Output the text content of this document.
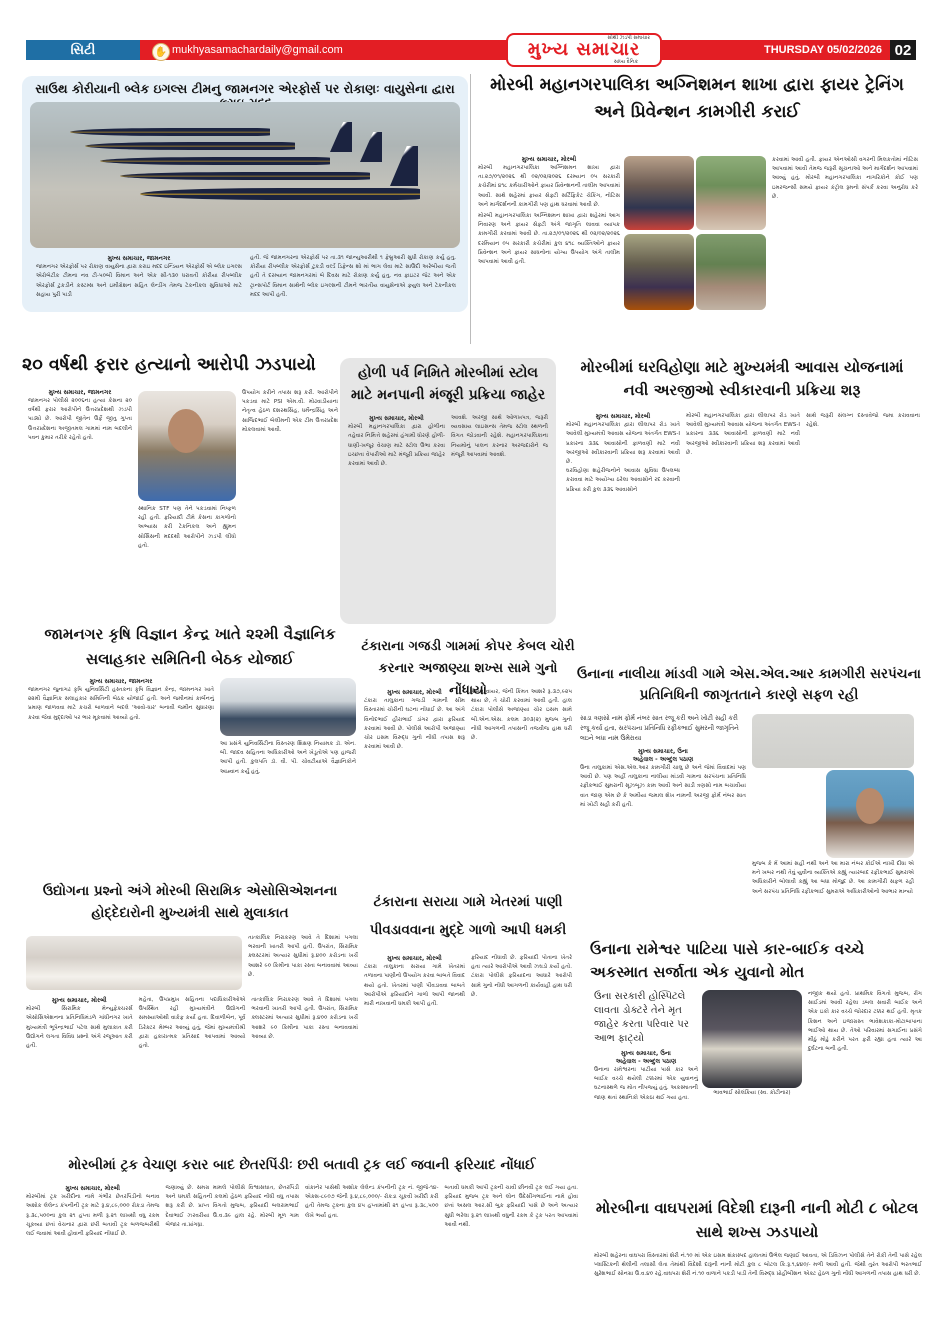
સિટી	✋ mukhyasamachardaily@gmail.com
સૌથી ઝડપી સમાચાર
મુખ્ય સમાચાર
સાંધ્ય દૈનિક
THURSDAY 05/02/2026 02
સાઉથ કોરીયાની બ્લેક ઇગલ્સ ટીમનુ જામનગર એરફોર્સ પર રોકાણઃ વાયુસેના દ્વારા
મુખ્ય સમાચાર, જામનગર
જામનગર એરફોર્સ પર રોકાણ વાયુસેના દ્વારા કરાઇ મદદ ઇન્ડિયન એરફોર્સે એ બ્લેક ઇગલ્સ એરોબેટીક ટીમના નવ ટી-૫૦બી વિમાન અને એક સી-૧૩૦ ધરાવતી કોરીયા રીપબ્લીક એરફોર્સ ટુકડીને કસ્ટમ્સ અને ઇમીગ્રેશન સહિત લેન્ડીંગ તેમજ ટેકનીકલ સુવિધાઓ માટે સહાય પુરી પાડી
હતી. જે જામનગરના એરફોર્સ પર તા.૩૧ જાન્યુઆરીથી ૧ ફેબ્રુઆરી સુધી રોકાણ કર્યુ હતુ. કોરીયા રીપબ્લીક એરફોર્સ ટુકડી વર્લ્ડ ડિફેન્સ શો માં ભાગ લેવા માટે સાઉદી અરેબીયા જતી હતી તે દરમ્યાન જામનગરમાં બે દિવસ માટે રોકાણ કર્યુ હતુ. નવ ફાઇટર જેટ અને એક ટ્રાન્સપોર્ટ વિમાન સાથેની બ્લેક ઇગલ્સની ટીમને ભારતીય વાયુસેનાએ ફ્યુલ અને ટેકનીકલ મદદ આપી હતી.
મોરબી મહાનગરપાલિકા અગ્નિશમન શાખા દ્વારા ફાયર ટ્રેનિંગ અને પ્રિવેન્શન કામગીરી કરાઈ
મુખ્ય સમાચાર, મોરબી
મોરબી મહાનગરપાલિકા અગ્નિશમન શાખા દ્વારા તા.૨૭/૦૧/૨૦૨૬ થી ૦૨/૦૨/૨૦૨૬ દરમ્યાન ૦૫ સરકારી કચેરીમાં ૪૧૮ કર્મચારીઓને ફાયર પ્રિવેન્શનની તાલીમ આપવામાં આવી. સાથે શહેરમાં ફાયર સેફ્ટી સર્ટિફિકેટ ચેકિંગ, નોટિસ અને માર્ગદર્શનની કામગીરી પણ હાથ ધરવામાં આવી છે.
મોરબી મહાનગરપાલિકા અગ્નિશમન શાખા દ્વારા શહેરમાં આગ નિવારણ અને ફાયર સેફ્ટી અંગે જાગૃતિ લાવવા વ્યાપક કામગીરી કરવામાં આવી છે. તા.૨૭/૦૧/૨૦૨૬ થી ૦૨/૦૨/૨૦૨૬ દરમિયાન ૦૫ સરકારી કચેરીમાં કુલ ૪૧૮ વ્યક્તિઓને ફાયર પ્રિવેન્શન અને ફાયર સાધનોના યોગ્ય ઉપયોગ અંગે તાલીમ આપવામાં આવી હતી.
કરવામાં આવી હતી. ફાયર એનઓસી વગરની મિલકતોમાં નોટિસ આપવામાં આવી તેમજ જરૂરી સૂચનાઓ અને માર્ગદર્શન આપવામાં આવ્યું હતું. મોરબી મહાનગરપાલિકા નાગરિકોને કોઈ પણ ઇમરજન્સી સમયે ફાયર કંટ્રોલ રૂમનો સંપર્ક કરવા અનુરોધ કરે છે.
૨૦ વર્ષથી ફરાર હત્યાનો આરોપી ઝડપાયો
મુખ્ય સમાચાર, જામનગર
જામનગર પોલીસે ૨૦૦૬ના હત્યા કેસના ૨૦ વર્ષથી ફરાર આરોપીને ઉત્તરપ્રદેશથી ઝડપી પાડ્યો છે. આરોપી જીતેન ઉર્ફે જીતુ ગુપ્તા ઉત્તરપ્રદેશના અજીતમલ ગામમાં નામ બદલીને પવન કુમાર તરીકે રહેતો હતો.
ઉપયોગ કરીને તપાસ શરૂ કરી. આરોપીને પકડવા માટે PSI એમ.વી. મોઢવાડીયાના નેતૃત્વ હેઠળ દશરથસિંહ, ધર્મેન્દ્રસિંહ અને સાજિદભાઈ બેલીમની એક ટીમ ઉત્તરપ્રદેશ મોકલવામાં આવી.
સ્થાનિક STF પણ તેને પકડવામાં નિષ્ફળ રહી હતી. ફરિયાદી ટીમે કેસના કાગળોનો અભ્યાસ કરી ટેકનિકલ અને હ્યુમન સોર્સિસની મદદથી આરોપીને ઝડપી લીધો હતો.
હોળી પર્વ નિમિતે મોરબીમાં સ્ટોલ માટે મનપાની મંજૂરી પ્રક્રિયા જાહેર
મુખ્ય સમાચાર, મોરબી
મોરબી મહાનગરપાલિકા દ્વારા હોળીના તહેવાર નિમિત્તે શહેરમાં હંગામી ધોરણે હોળી-ધાણી-ખજૂર વેચાણ માટે સ્ટોલ ઉભા કરવા ઇચ્છતા વેપારીઓ માટે મંજૂરી પ્રક્રિયા જાહેર કરવામાં આવી છે.
આવશે. અરજી સાથે ઓળખપત્ર, જરૂરી વ્યવસાય લાઇસન્સ તેમજ સ્ટોલ સ્થળની વિગત જોડવાની રહેશે. મહાનગરપાલિકાના નિયમોનું પાલન કરનાર અરજદારોને જ મંજૂરી આપવામાં આવશે.
મોરબીમાં ઘરવિહોણા માટે મુખ્યમંત્રી આવાસ યોજનામાં નવી અરજીઓ સ્વીકારવાની પ્રક્રિયા શરૂ
મુખ્ય સમાચાર, મોરબી
મોરબી મહાનગરપાલિકા દ્વારા લીલાપર રોડ ખાતે આવેલી મુખ્યમંત્રી આવાસ યોજના અંતર્ગત EWS-I પ્રકારના ૩૩૬ આવાસોની ફાળવણી માટે નવી અરજીઓ સ્વીકારવાની પ્રક્રિયા શરૂ કરવામાં આવી છે.
ઘરવિહોણા શહેરીજનોને આવાસ સુવિધા ઉપલબ્ધ કરાવવા માટે અયોગ્ય ઠરેલા આવાસોને રદ કરવાની પ્રક્રિયા કરી કુલ ૩૩૬ આવાસોને
મોરબી મહાનગરપાલિકા દ્વારા લીલાપર રોડ ખાતે આવેલી મુખ્યમંત્રી આવાસ યોજના અંતર્ગત EWS-I પ્રકારના ૩૩૬ આવાસોની ફાળવણી માટે નવી અરજીઓ સ્વીકારવાની પ્રક્રિયા શરૂ કરવામાં આવી છે.
સાથે જરૂરી સંલગ્ન દસ્તાવેજો જમા કરાવવાના રહેશે.
જામનગર કૃષિ વિજ્ઞાન કેન્દ્ર ખાતે ૨૨મી વૈજ્ઞાનિક સલાહકાર સમિતિની બેઠક યોજાઈ
મુખ્ય સમાચાર, જામનગર
જામનગર જુનાગઢ કૃષિ યુનિવર્સિટી હસ્તકના કૃષિ વિજ્ઞાન કેન્દ્ર, જામનગર ખાતે ૨૨મી વૈજ્ઞાનિક સલાહકાર સમિતિની બેઠક યોજાઈ હતી. અને જમીનમાં કાર્બનનું પ્રમાણ જાળવવા માટે કચરો બાળવાને બદલે 'આવો-ધાર' બનાવી જમીન સુધારણા કરવા જેવા મુદ્દાઓ પર ભાર મૂકવામાં આવ્યો હતો.
આ પ્રસંગે યુનિવર્સિટીના વિસ્તરણ શિક્ષણ નિયામક ડૉ. એન. બી. જાદવ સહિતના અધિકારીઓ અને ખેડૂતોએ પણ હાજરી આપી હતી. કુલપતિ ડૉ. વી. પી. ચોવટીયાએ વૈજ્ઞાનિકોને આહ્વાન કર્યું હતું.
ટંકારાના ગજડી ગામમાં કોપર કેબલ ચોરી કરનાર અજાણ્યા શખ્સ સામે ગુનો નોંધાયો
મુખ્ય સમાચાર, મોરબી
ટંકારા તાલુકાના ગજડી ગામની સીમ વિસ્તારમાં ચોરીની ઘટના નોંધાઈ છે. આ અંગે વિનોદભાઈ હીરાભાઈ ડાંગર દ્વારા ફરિયાદ કરવામાં આવી છે. પોલીસે આરોપી અજાણ્યા ચોર ઇસમ વિરુદ્ધ ગુનો નોંધી તપાસ શરૂ કરવામાં આવી છે.
કેબલ વાયર, જેની કિંમત આશરે રૂ.૩૭,૯૨૫ થાય છે, તે ચોરી કરવામાં આવી હતી. હાલ ટંકારા પોલીસે અજાણ્યા ચોર ઇસમ સામે બી.એન.એસ. કલમ ૩૦૩(૨) મુજબ ગુનો નોંધી આગળની તપાસની તજવીજ હાથ ધરી છે.
ઉનાના નાલીયા માંડવી ગામે એસ.એલ.આર કામગીરી સરપંચના પ્રતિનિધિની જાગૃતતાને કારણે સફળ રહી
સાડા ત્રણસો નામ ફોર્મ નંબર સાત રજૂ કરી અને ખોટી સહી કરી રજૂ કર્યા હતા, સરપંચના પ્રતિનિધિ રફીકભાઈ સુમરની જાગૃતિને લઇને બધા નામ ઉમેરાયા
મુખ્ય સમાચાર, ઉના
અહેવાલ - અબ્દુલ પઠાણ
ઉના તાલુકામાં એસ.એલ.આર કામગીરી ચાલુ છે અને જેમાં વિવાદમાં પણ આવી છે. પણ અહીં તાલુકાના નાલીયા માંડવી ગામના સરપંચના પ્રતિનિધિ રફીકભાઈ સુમરાની સૂઝબૂઝ કામ આવી અને સાડી ત્રણસો નામ બચાવીયા વાત જાણ એમ છે કે અમીયા જમાલ શેખ નામની અરજી ફોર્મ નંબર સાત માં ખોટી સહી કરી હતી.
મુજબ કે મેં આમાં સહી નથી અને આ મારા નંબર કોઈએ નાખી દીધા એ મને ખબર નથી તેવું યુવીના વ્યક્તિએ કહ્યું ત્યારબાદ રફીકભાઈ સુમરાએ અધિકારીને બોલાવી કહ્યું આ બધા મોજુદ છે. આ કામગીરી સફળ રહી અને સરપંચ પ્રતિનિધિ રફીકભાઈ સુમરાએ અધિકારીઓનો આભાર માન્યો
ઉદ્યોગના પ્રશ્નો અંગે મોરબી સિરામિક એસોસિએશનના હોદ્દેદારોની મુખ્યમંત્રી સાથે મુલાકાત
તાત્કાલિક નિરાકરણ આવે તે દિશામાં પગલા ભરવાની ખાતરી આપી હતી. ઉપરાંત, સિરામિક ક્લસ્ટરમાં અત્યાર સુધીમાં રૂ.૪૦૦ કરોડના ખર્ચે આશરે ૯૦ કિમીના પાકા રસ્તા બનાવવામાં આવ્યા છે.
મુખ્ય સમાચાર, મોરબી
મોરબી સિરામિક મેન્યુફેક્ચરર્સ એસોસિએશનના પ્રતિનિધિમંડળે ગાંધીનગર ખાતે મુખ્યમંત્રી ભૂપેન્દ્રભાઈ પટેલ સાથે મુલાકાત કરી ઉદ્યોગને લગતા વિવિધ પ્રશ્નો અંગે રજૂઆત કરી હતી.
મહેતા, ઉપપ્રમુખ સહિતના પદાધિકારીઓએ ઉપસ્થિત રહી મુખ્યમંત્રીને ઉદ્યોગની સમસ્યાઓથી વાકેફ કર્યા હતા. દિવાળીબેન, પૂર્વ ડિરેક્ટર મેમ્બર આવ્યું હતું, જેમાં મુખ્યમંત્રીશ્રી દ્વારા હકારાત્મક પ્રતિસાદ આપવામાં આવ્યો હતો.
તાત્કાલિક નિરાકરણ આવે તે દિશામાં પગલા ભરવાની ખાતરી આપી હતી. ઉપરાંત, સિરામિક ક્લસ્ટરમાં અત્યાર સુધીમાં રૂ.૪૦૦ કરોડના ખર્ચે આશરે ૯૦ કિમીના પાકા રસ્તા બનાવવામાં આવ્યા છે.
ટંકારાના સરાયા ગામે ખેતરમાં પાણી પીવડાવવાના મુદ્દે ગાળો આપી ધમકી
મુખ્ય સમાચાર, મોરબી
ટંકારા તાલુકાના સરાયા ગામે ખેતરમાં તળાવના પાણીનો ઉપયોગ કરવા બાબતે વિવાદ થયો હતો. ખેતરમાં પાણી પીવડાવવા બાબતે આરોપીએ ફરિયાદીને ગાળો આપી જાનથી મારી નાખવાની ધમકી આપી હતી.
ફરિયાદ નોંધાવી છે. ફરિયાદી પોતાના ખેતરે હતા ત્યારે આરોપીએ આવી ઝઘડો કર્યો હતો. ટંકારા પોલીસે ફરિયાદના આધારે આરોપી સામે ગુનો નોંધી આગળની કાર્યવાહી હાથ ધરી છે.
ઉનાના રામેશ્વર પાટિયા પાસે કાર-બાઈક વચ્ચે અકસ્માત સર્જાતા એક યુવાનો મોત
ઉના સરકારી હોસ્પિટલે લાવતા ડોક્ટરે તેને મૃત જાહેર કરતા પરિવાર પર આભ ફાટ્યો
મુખ્ય સમાચાર, ઉના
અહેવાલ - અબ્દુલ પઠાણ
ઉનાના રામેશ્વરના પાટીયા પાસે કાર અને બાઈક વચ્ચે થયેલી ટક્કરમાં એક યુવાનનું ઘટનાસ્થળે જ મોત નીપજ્યું હતું. અકસ્માતની જાણ થતાં સ્થાનિકો એકઠા થઈ ગયા હતા.
ભાવભાઈ સોલંકિયા (સ્વ. કોટીનાર)
નજીક થયો હતો. પ્રાથમિક વિગતો મુજબ, રોંગ સાઈડમાં આવી રહેલા ડબલ સવારી બાઈક અને એક ઇકો કાર વચ્ચે જોરદાર ટક્કર થઈ હતી. મૃતક કિશન અને ઇજાગ્રસ્ત ભાવેશકાકા-મોટાબાપાના ભાઈઓ થાય છે. તેઓ પરિવારમાં સગાઈના પ્રસંગે મીઠું મોઢું કરીને પરત ફરી રહ્યા હતા ત્યારે આ દુર્ઘટના બની હતી.
મોરબીમાં ટ્રક વેચાણ કરાર બાદ છેતરપિંડીઃ છરી બતાવી ટ્રક લઈ જવાની ફરિયાદ નોંધાઈ
મુખ્ય સમાચાર, મોરબી
મોરબીમાં ટ્રક ખરીદીના નામે ગંભીર છેતરપિંડીનો બનાવ અશોક લેલેન્ડ કંપનીની ટ્રક માટે રૂ.૪,૮૯,૦૦૦ રોકડા તેમજ રૂ.૩૮,૫૦૦ના કુલ ૨૧ હપ્તા મળી રૂ.૨૧ લાખથી વધુ રકમ ચૂકવ્યા છતાં વેચનાર દ્વારા છરી બતાવી ટ્રક બળજબરીથી લઈ જવામાં આવી હોવાની ફરિયાદ નોંધાઈ છે.
જણાવ્યું છે. સમગ્ર મામલે પોલીસે વિશ્વાસઘાત, છેતરપિંડી અને ધમકી સહિતની કલમો હેઠળ ફરિયાદ નોંધી વધુ તપાસ શરૂ કરી છે. પ્રાપ્ત વિગતો મુજબ, ફરિયાદી બલરામભાઈ દેવાભાઈ ઝરવરીયા ઉ.વ.૩૯ હાલ રહે. મોરબી મૂળ ગામ બેજાર તા.પ્રાંગધ્રા.
વાંકાનેર પાસેથી અશોક લેલેન્ડ કંપનીની ટ્રક નં. જીજે-૧૪-એક્સ-૮૯૦૭ જેની રૂ.૪,૮૯,૦૦૦/- રોકડા ચૂકવી ખરીદી કરી હતી તેમજ ટ્રકના કુલ ૪૫ હપ્તામાંથી ૨૧ હપ્તા રૂ.૩૮,૫૦૦ લેખે ભર્યા હતા.
બતાવી ધમકી આપી ટ્રકની ચાવી છીનવી ટ્રક લઈ ગયા હતા. ફરિયાદ મુજબ ટ્રક અને લોન ઉદેસીંગભાઈના નામે હોવા છતાં અસલ આર.સી બુક ફરિયાદી પાસે છે અને અત્યાર સુધી ભરેલા રૂ.૨૧ લાખથી વધુની રકમ કે ટ્રક પરત આપવામાં આવી નથી.
મોરબીના વાઘપરામાં વિદેશી દારૂની નાની મોટી ૮ બોટલ સાથે શખ્સ ઝડપાયો
મોરબી શહેરના વાઘપરા વિસ્તારમાં શેરી નં.૧૦ માં એક ઇસમ શંકાસ્પદ હાલતમાં ઉભેલ જણાઈ આવતા, એ ડિવિઝન પોલીસે તેને રોકી તેની પાસે રહેલ પ્લાસ્ટિકની થેલીની તલાસી લેતા તેમાંથી વિદેશી દારૂની નાની મોટી કુલ ૮ બોટલ કિ.રૂ.૧,૪૪૦/- મળી આવી હતી. જેથી તુરંત આરોપી ભરતભાઈ સુરેશભાઈ સોનગ્રા ઉ.વ.૪૦ રહે.વાઘપરા શેરી નં.૧૦ વાળાને પકડી પાડી તેની વિરુદ્ધ પ્રોહીબીશન એક્ટ હેઠળ ગુનો નોંધી આગળની તપાસ હાથ ધરી છે.
